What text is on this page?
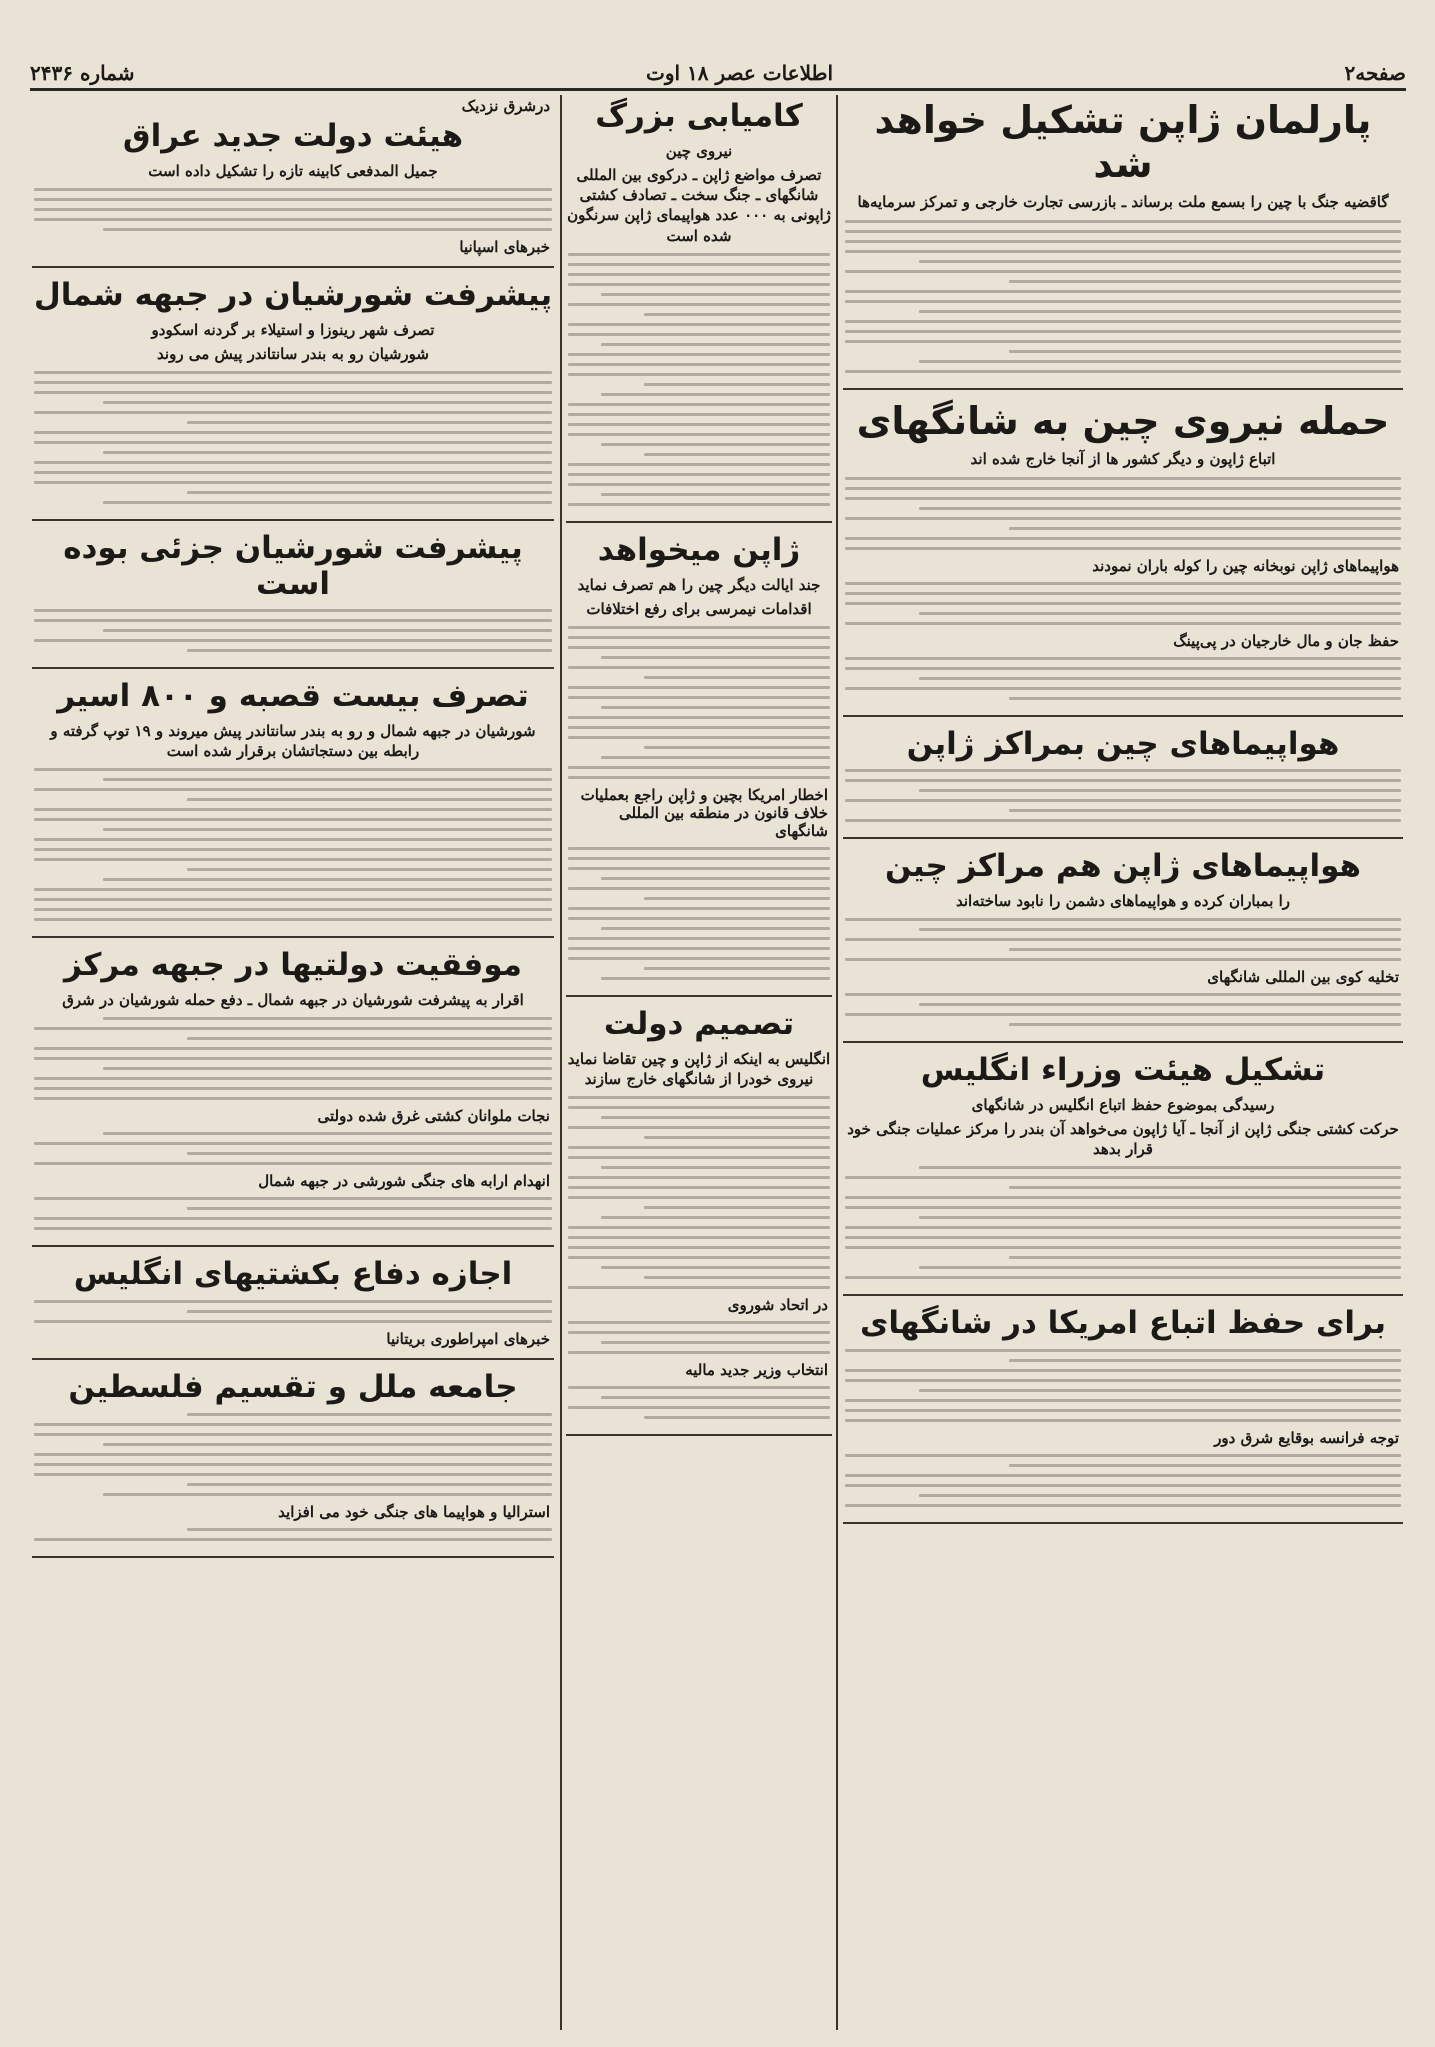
صفحه۲
اطلاعات عصر ۱۸ اوت
شماره ۲۴۳۶
پارلمان ژاپن تشکیل خواهد شد
گاقضیه جنگ با چین را بسمع ملت برساند ـ بازرسی تجارت خارجی و تمرکز سرمایه‌ها
حمله نیروی چین به شانگهای
اتباع ژاپون و دیگر کشور ها از آنجا خارج شده اند
هواپیماهای ژاپن نوبخانه چین را کوله باران نمودند
حفظ جان و مال خارجیان در پی‌پینگ
هواپیماهای چین بمراکز ژاپن
هواپیماهای ژاپن هم مراکز چین
را بمباران کرده و هواپیماهای دشمن را نابود ساخته‌اند
تخلیه کوی بین المللی شانگهای
تشکیل هیئت وزراء انگلیس
رسیدگی بموضوع حفظ اتباع انگلیس در شانگهای
حرکت کشتی جنگی ژاپن از آنجا ـ آیا ژاپون می‌خواهد آن بندر را مرکز عملیات جنگی خود قرار بدهد
برای حفظ اتباع امریکا در شانگهای
توجه فرانسه بوقایع شرق دور
کامیابی بزرگ
نیروی چین
تصرف مواضع ژاپن ـ درکوی بین المللی شانگهای ـ جنگ سخت ـ تصادف کشتی ژاپونی به ۰۰۰ عدد هواپیمای ژاپن سرنگون شده است
ژاپن میخواهد
جند ایالت دیگر چین را هم تصرف نماید
اقدامات نیمرسی برای رفع اختلافات
اخطار امریکا بچین و ژاپن راجع بعملیات خلاف قانون در منطقه بین المللی شانگهای
تصمیم دولت
انگلیس به اینکه از ژاپن و چین تقاضا نماید نیروی خودرا از شانگهای خارج سازند
در اتحاد شوروی
انتخاب وزیر جدید مالیه
درشرق نزدیک
هیئت دولت جدید عراق
جمیل المدفعی کابینه تازه را تشکیل داده است
خبرهای اسپانیا
پیشرفت شورشیان در جبهه شمال
تصرف شهر رینوزا و استیلاء بر گردنه اسکودو
شورشیان رو به بندر سانتاندر پیش می روند
پیشرفت شورشیان جزئی بوده است
تصرف بیست قصبه و ۸۰۰ اسیر
شورشیان در جبهه شمال و رو به بندر سانتاندر پیش میروند و ۱۹ توپ گرفته و رابطه بین دستجاتشان برقرار شده است
موفقیت دولتیها در جبهه مرکز
اقرار به پیشرفت شورشیان در جبهه شمال ـ دفع حمله شورشیان در شرق
نجات ملوانان کشتی غرق شده دولتی
انهدام ارابه های جنگی شورشی در جبهه شمال
اجازه دفاع بکشتیهای انگلیس
خبرهای امپراطوری بریتانیا
جامعه ملل و تقسیم فلسطین
استرالیا و هواپیما های جنگی خود می افزاید
